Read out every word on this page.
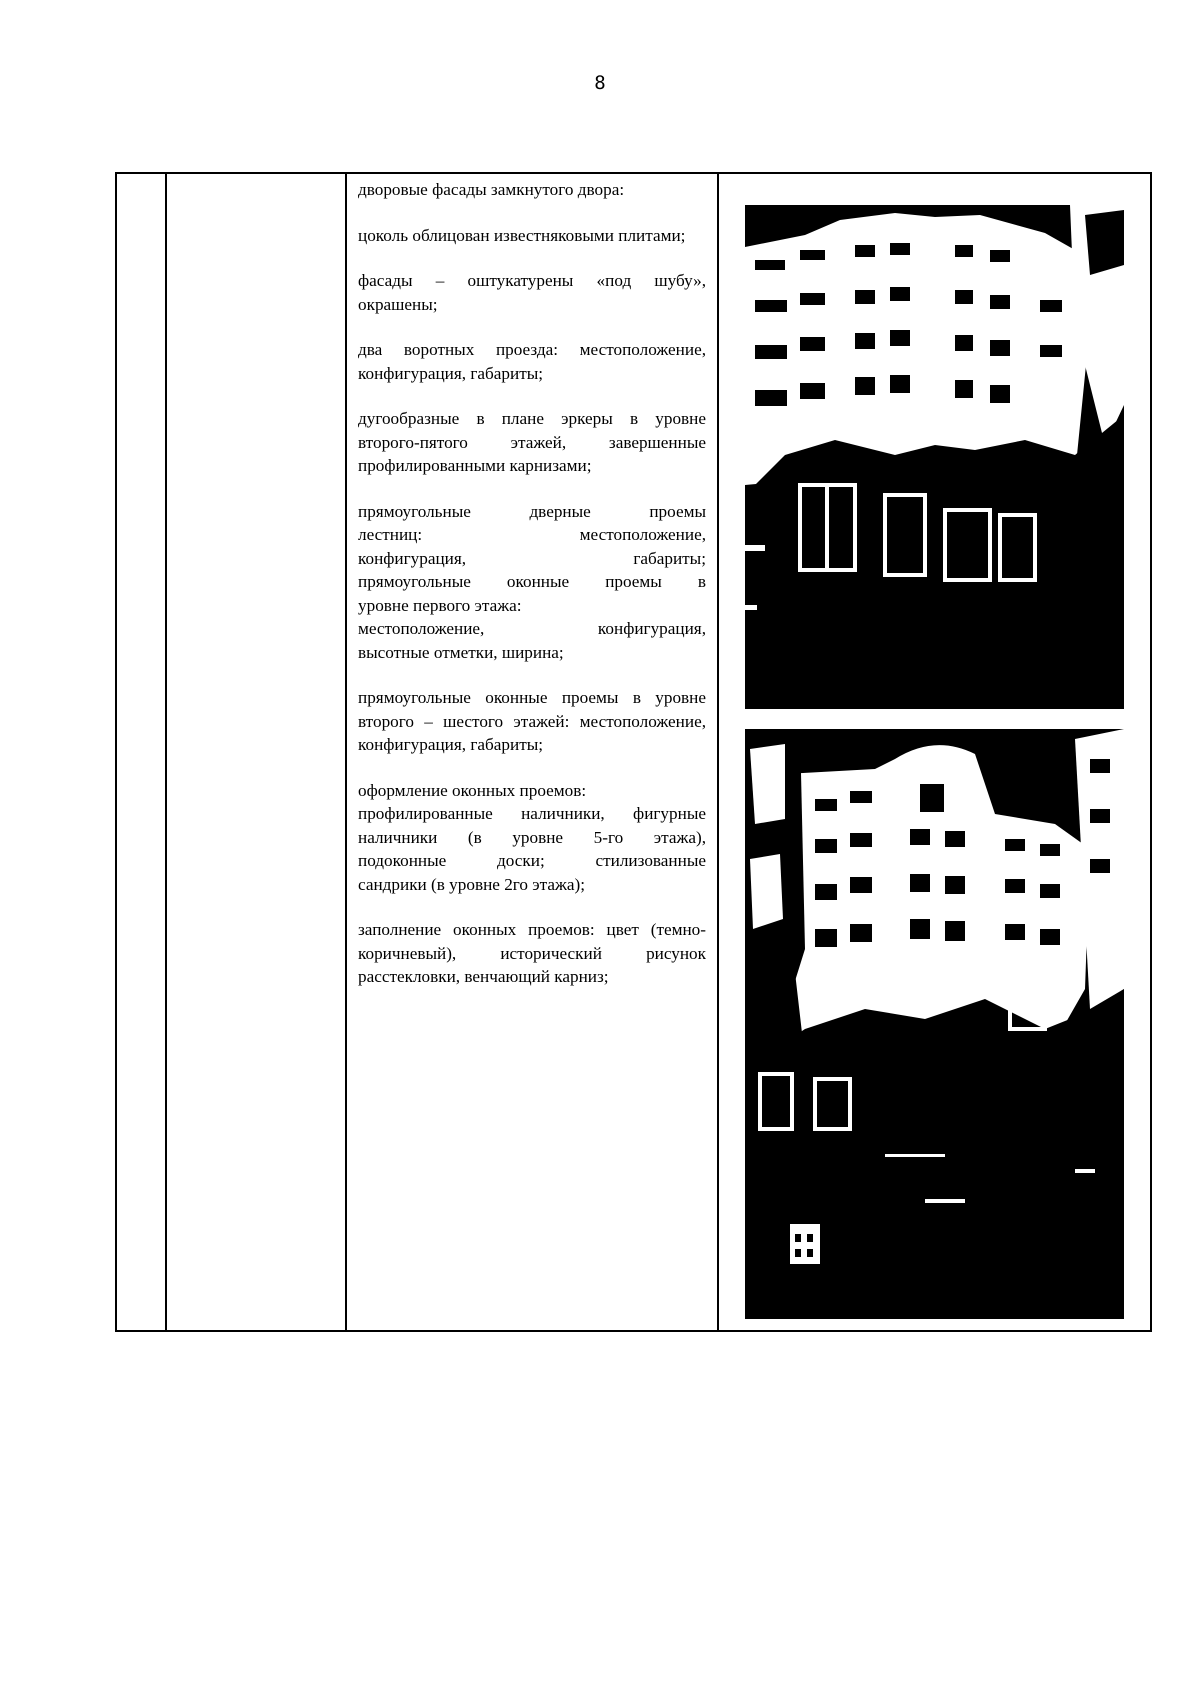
8

дворовые фасады замкнутого двора:

цоколь облицован известняковыми плитами;

фасады – оштукатурены «под шубу», окрашены;

два воротных проезда: местоположение, конфигурация, габариты;

дугообразные в плане эркеры в уровне второго-пятого этажей, завершенные профилированными карнизами;

прямоугольные дверные проемы
лестниц: местоположение,
конфигурация, габариты;
прямоугольные оконные проемы в
уровне первого этажа:
местоположение, конфигурация,
высотные отметки, ширина;

прямоугольные оконные проемы в уровне второго – шестого этажей: местоположение, конфигурация, габариты;

оформление оконных проемов:
профилированные наличники, фигурные
наличники (в уровне 5-го этажа),
подоконные доски; стилизованные
сандрики (в уровне 2го этажа);

заполнение оконных проемов: цвет (темно-коричневый), исторический рисунок расстекловки, венчающий карниз;
